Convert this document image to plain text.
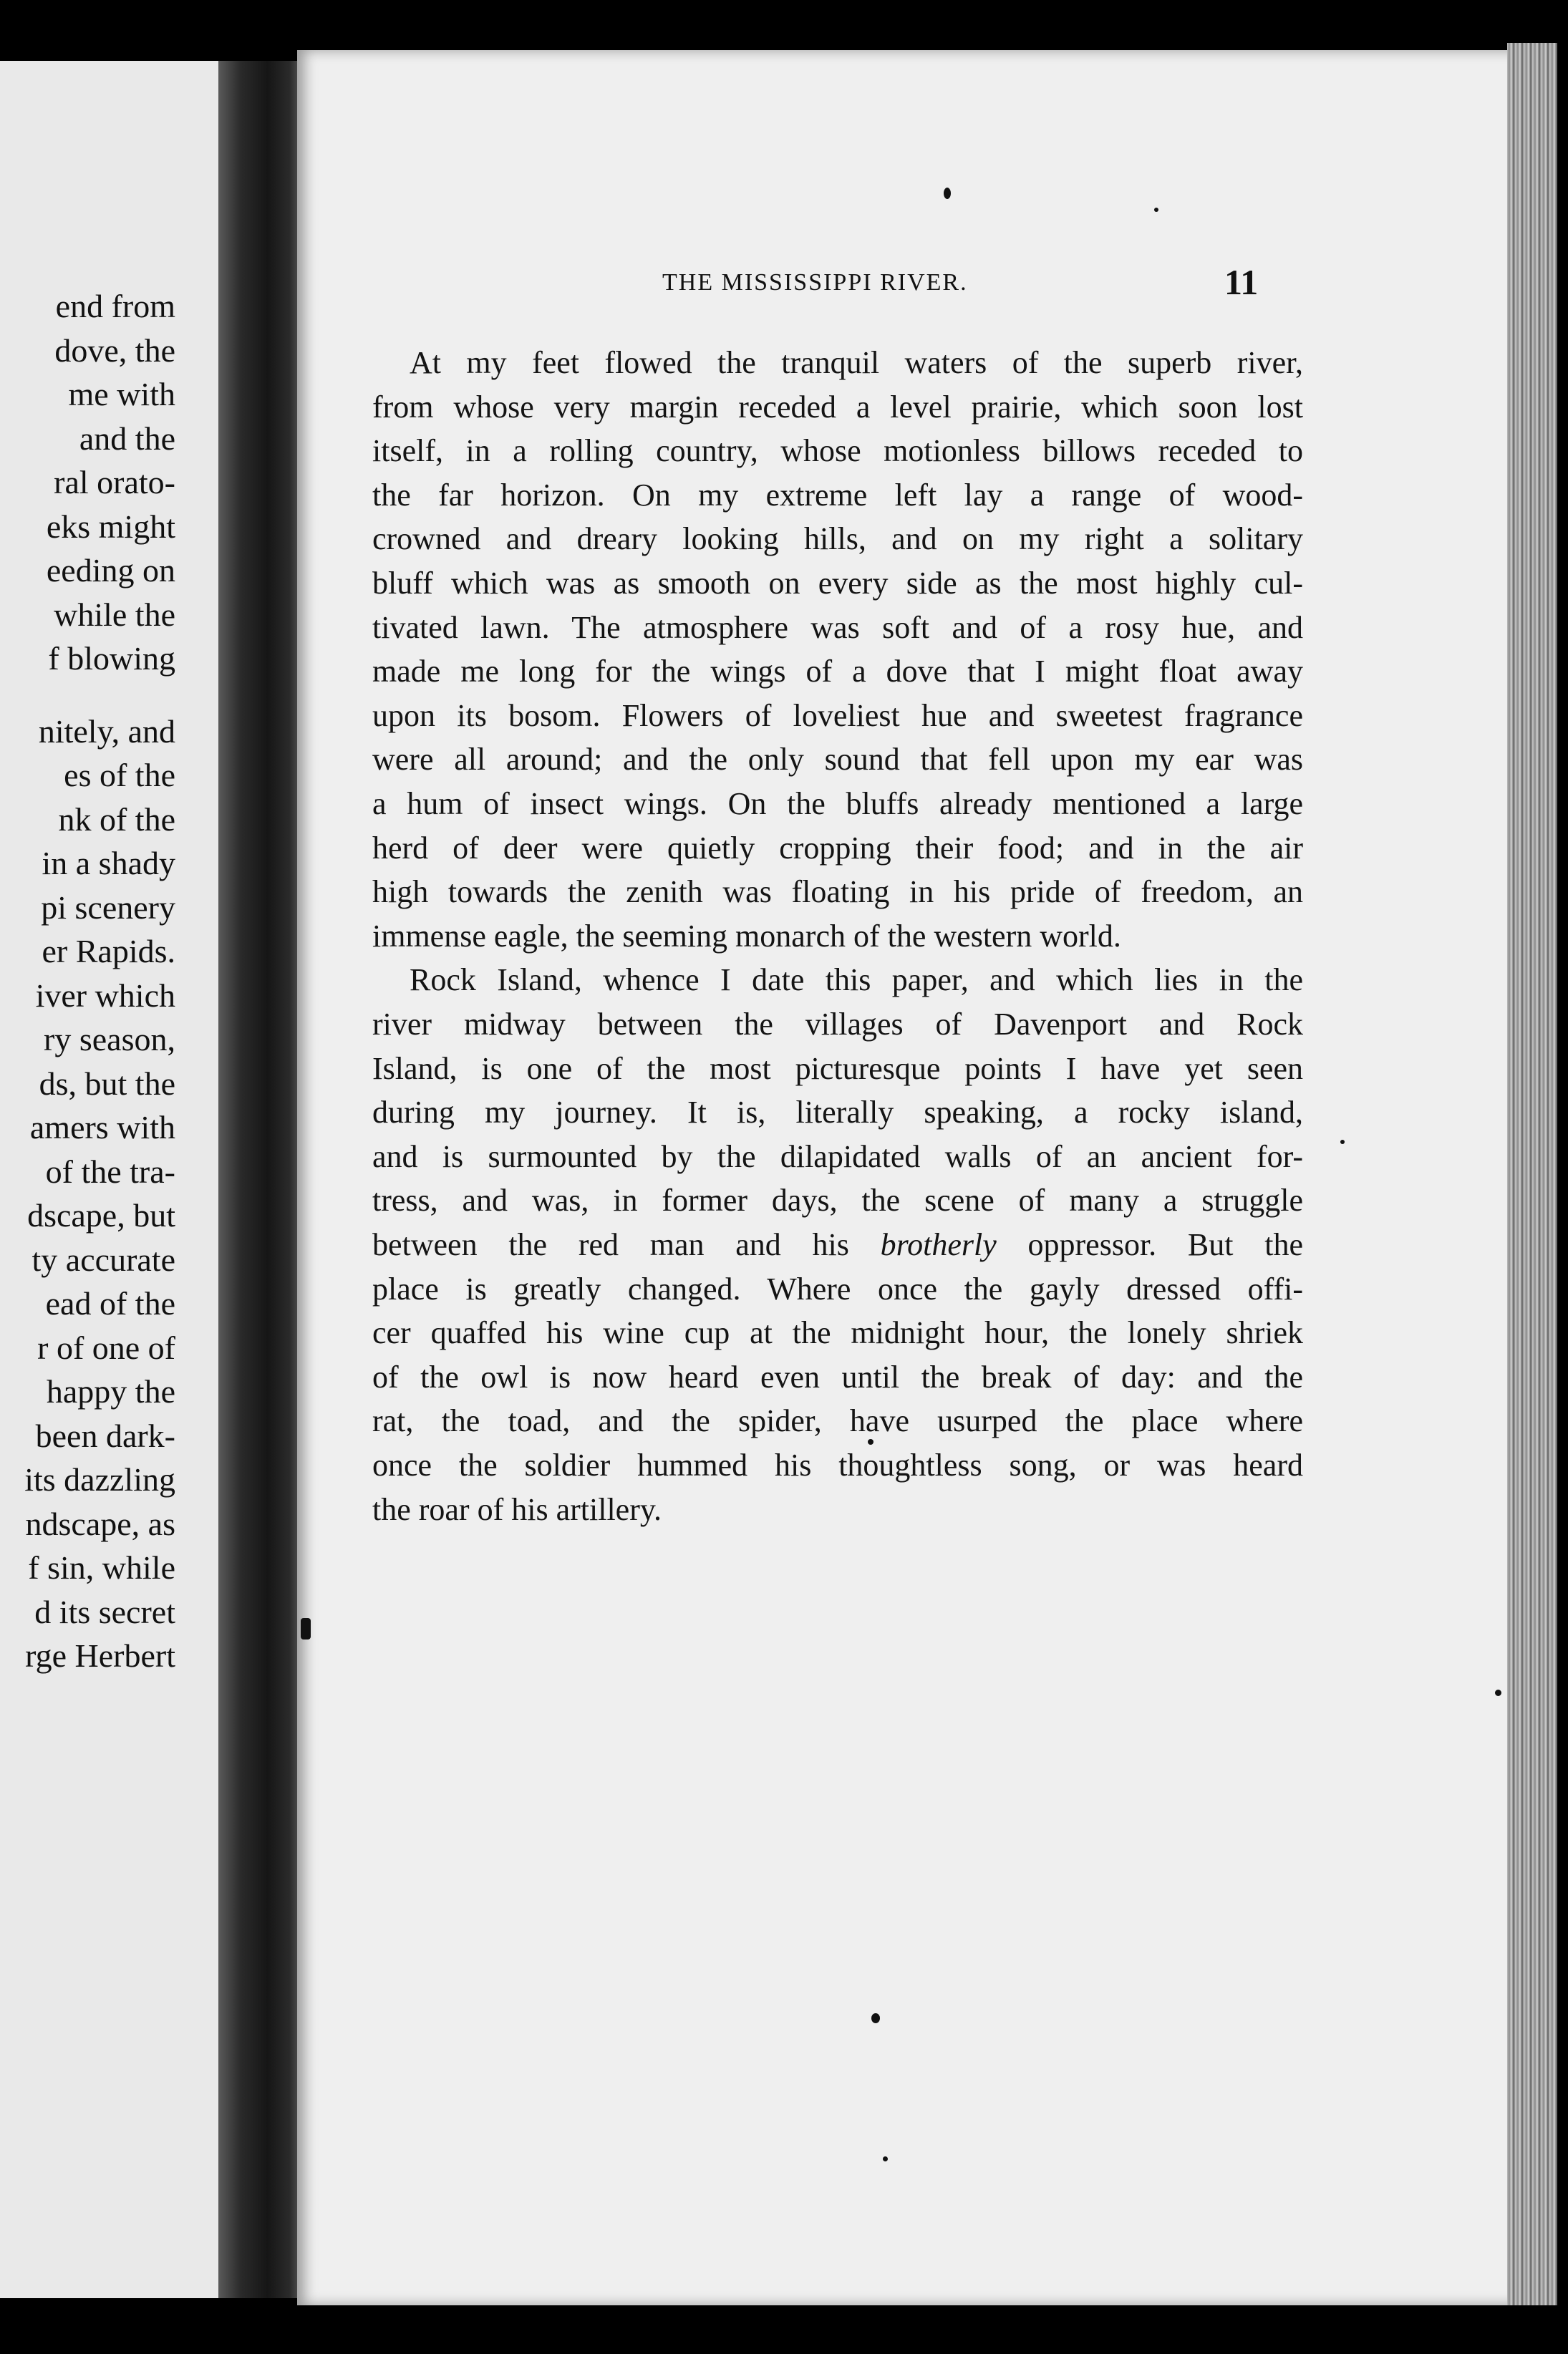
end from
dove, the
me with
and the
ral orato-
eks might
eeding on
while the
f blowing
nitely, and
es of the
nk of the
in a shady
pi scenery
er Rapids.
iver which
ry season,
ds, but the
amers with
of the tra-
dscape, but
ty accurate
ead of the
r of one of
happy the
been dark-
its dazzling
ndscape, as
f sin, while
d its secret
rge Herbert
THE MISSISSIPPI RIVER.	11
At my feet flowed the tranquil waters of the superb river,
from whose very margin receded a level prairie, which soon lost
itself, in a rolling country, whose motionless billows receded to
the far horizon. On my extreme left lay a range of wood-
crowned and dreary looking hills, and on my right a solitary
bluff which was as smooth on every side as the most highly cul-
tivated lawn. The atmosphere was soft and of a rosy hue, and
made me long for the wings of a dove that I might float away
upon its bosom. Flowers of loveliest hue and sweetest fragrance
were all around; and the only sound that fell upon my ear was
a hum of insect wings. On the bluffs already mentioned a large
herd of deer were quietly cropping their food; and in the air
high towards the zenith was floating in his pride of freedom, an
immense eagle, the seeming monarch of the western world.
Rock Island, whence I date this paper, and which lies in the
river midway between the villages of Davenport and Rock
Island, is one of the most picturesque points I have yet seen
during my journey. It is, literally speaking, a rocky island,
and is surmounted by the dilapidated walls of an ancient for-
tress, and was, in former days, the scene of many a struggle
between the red man and his brotherly oppressor. But the
place is greatly changed. Where once the gayly dressed offi-
cer quaffed his wine cup at the midnight hour, the lonely shriek
of the owl is now heard even until the break of day: and the
rat, the toad, and the spider, have usurped the place where
once the soldier hummed his thoughtless song, or was heard
the roar of his artillery.
